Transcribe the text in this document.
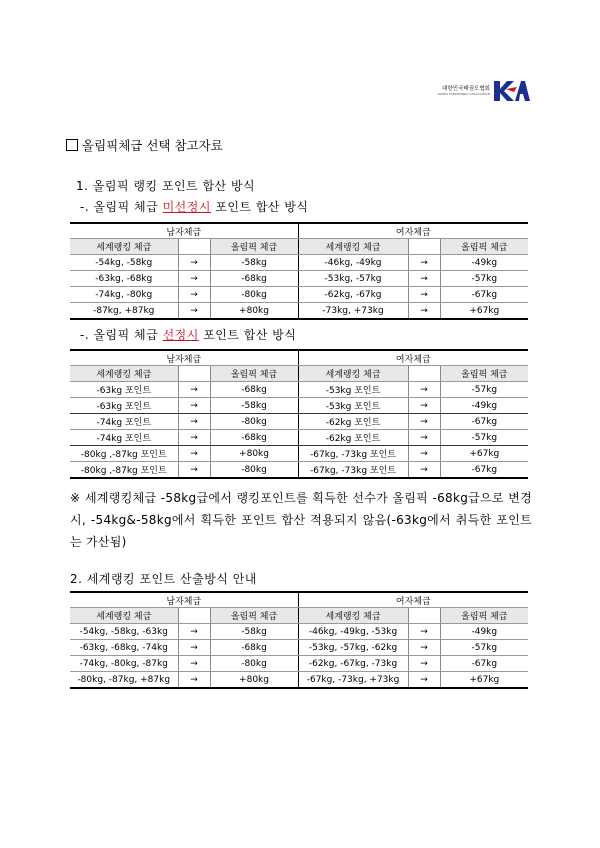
대한민국태권도협회
KOREA TAEKWONDO ASSOCIATION
올림픽체급 선택 참고자료
1. 올림픽 랭킹 포인트 합산 방식
-. 올림픽 체급 미선정시 포인트 합산 방식
남자체급			여자체급		
세계랭킹 체급		올림픽 체급	세계랭킹 체급		올림픽 체급
-54kg, -58kg	→	-58kg	-46kg, -49kg	→	-49kg
-63kg, -68kg	→	-68kg	-53kg, -57kg	→	-57kg
-74kg, -80kg	→	-80kg	-62kg, -67kg	→	-67kg
-87kg, +87kg	→	+80kg	-73kg, +73kg	→	+67kg
-. 올림픽 체급 선정시 포인트 합산 방식
남자체급			여자체급		
세계랭킹 체급		올림픽 체급	세계랭킹 체급		올림픽 체급
-63kg 포인트	→	-68kg	-53kg 포인트	→	-57kg
-63kg 포인트	→	-58kg	-53kg 포인트	→	-49kg
-74kg 포인트	→	-80kg	-62kg 포인트	→	-67kg
-74kg 포인트	→	-68kg	-62kg 포인트	→	-57kg
-80kg ,-87kg 포인트	→	+80kg	-67kg, -73kg 포인트	→	+67kg
-80kg ,-87kg 포인트	→	-80kg	-67kg, -73kg 포인트	→	-67kg
※ 세계랭킹체급 -58kg급에서 랭킹포인트를 획득한 선수가 올림픽 -68kg급으로 변경시, -54kg&-58kg에서 획득한 포인트 합산 적용되지 않음(-63kg에서 취득한 포인트는 가산됨)
2. 세계랭킹 포인트 산출방식 안내
남자체급			여자체급		
세계랭킹 체급		올림픽 체급	세계랭킹 체급		올림픽 체급
-54kg, -58kg, -63kg	→	-58kg	-46kg, -49kg, -53kg	→	-49kg
-63kg, -68kg, -74kg	→	-68kg	-53kg, -57kg, -62kg	→	-57kg
-74kg, -80kg, -87kg	→	-80kg	-62kg, -67kg, -73kg	→	-67kg
-80kg, -87kg, +87kg	→	+80kg	-67kg, -73kg, +73kg	→	+67kg
